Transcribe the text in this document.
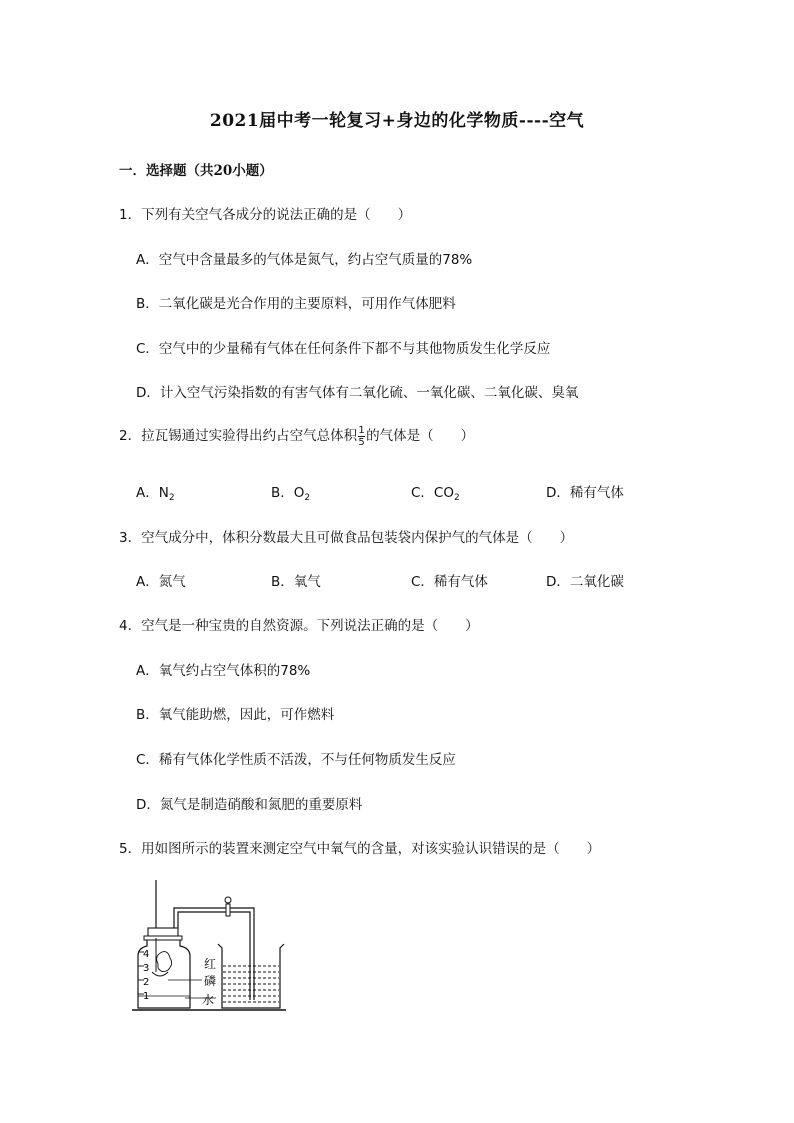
2021届中考一轮复习+身边的化学物质----空气
一．选择题（共20小题）
1．下列有关空气各成分的说法正确的是（　　）
A．空气中含量最多的气体是氮气，约占空气质量的78%
B．二氧化碳是光合作用的主要原料，可用作气体肥料
C．空气中的少量稀有气体在任何条件下都不与其他物质发生化学反应
D．计入空气污染指数的有害气体有二氧化硫、一氧化碳、二氧化碳、臭氧
2．拉瓦锡通过实验得出约占空气总体积 $\frac{1}{5}$ 的气体是（　　）
A．$N_2$	B．$O_2$	C．$CO_2$	D．稀有气体
3．空气成分中，体积分数最大且可做食品包装袋内保护气的气体是（　　）
A．氮气	B．氧气	C．稀有气体	D．二氧化碳
4．空气是一种宝贵的自然资源。下列说法正确的是（　　）
A．氧气约占空气体积的78%
B．氧气能助燃，因此，可作燃料
C．稀有气体化学性质不活泼，不与任何物质发生反应
D．氮气是制造硝酸和氮肥的重要原料
5．用如图所示的装置来测定空气中氧气的含量，对该实验认识错误的是（　　）
4
3
2
1
红
磷
水
